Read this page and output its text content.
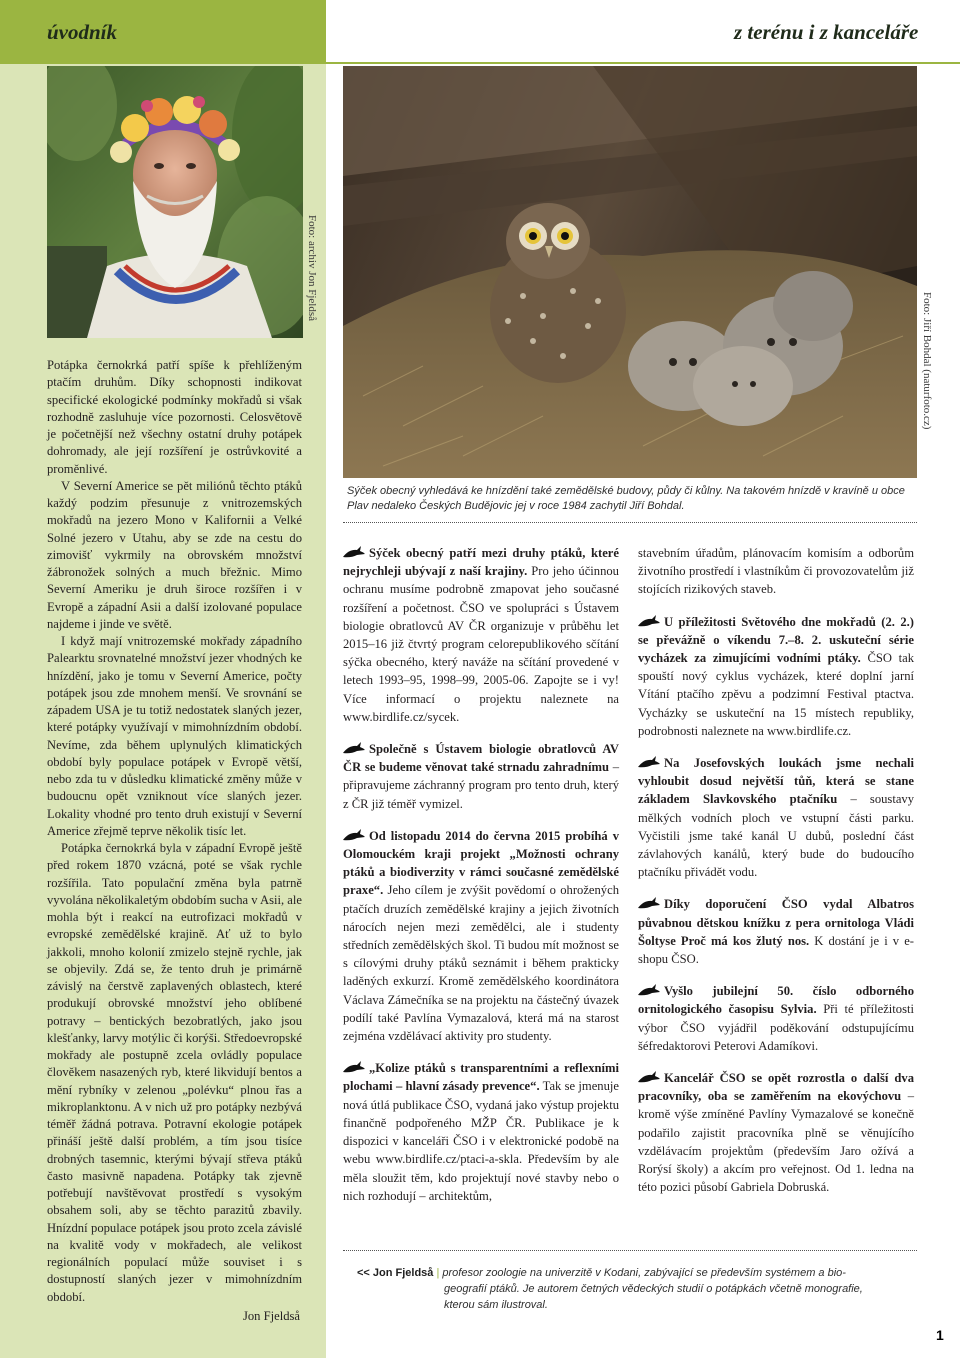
úvodník	z terénu i z kanceláře
Foto: archiv Jon Fjeldså

Potápka černokrká patří spíše k přehlíženým ptačím druhům. Díky schopnosti indikovat specifické ekologické podmínky mokřadů si však rozhodně zasluhuje více pozornosti. Celosvětově je početnější než všechny ostatní druhy potápek dohromady, ale její rozšíření je ostrůvkovité a proměnlivé.

V Severní Americe se pět miliónů těchto ptáků každý podzim přesunuje z vnitrozemských mokřadů na jezero Mono v Kalifornii a Velké Solné jezero v Utahu, aby se zde na cestu do zimovišť vykrmily na obrovském množství žábronožek solných a much břežnic. Mimo Severní Ameriku je druh široce rozšířen i v Evropě a západní Asii a další izolované populace najdeme i jinde ve světě.

I když mají vnitrozemské mokřady západního Palearktu srovnatelné množství jezer vhodných ke hnízdění, jako je tomu v Severní Americe, počty potápek jsou zde mnohem menší. Ve srovnání se západem USA je tu totiž nedostatek slaných jezer, které potápky využívají v mimohnízdním období. Nevíme, zda během uplynulých klimatických období byly populace potápek v Evropě větší, nebo zda tu v důsledku klimatické změny může v budoucnu opět vzniknout více slaných jezer. Lokality vhodné pro tento druh existují v Severní Americe zřejmě teprve několik tisíc let.

Potápka černokrká byla v západní Evropě ještě před rokem 1870 vzácná, poté se však rychle rozšířila. Tato populační změna byla patrně vyvolána několikaletým obdobím sucha v Asii, ale mohla být i reakcí na eutrofizaci mokřadů v evropské zemědělské krajině. Ať už to bylo jakkoli, mnoho kolonií zmizelo stejně rychle, jak se objevily. Zdá se, že tento druh je primárně závislý na čerstvě zaplavených oblastech, které produkují obrovské množství jeho oblíbené potravy – bentických bezobratlých, jako jsou klešťanky, larvy motýlic či korýši. Středoevropské mokřady ale postupně zcela ovládly populace člověkem nasazených ryb, které likvidují bentos a mění rybníky v zelenou „polévku“ plnou řas a mikroplanktonu. A v nich už pro potápky nezbývá téměř žádná potrava. Potravní ekologie potápek přináší ještě další problém, a tím jsou tisíce drobných tasemnic, kterými bývají střeva ptáků často masivně napadena. Potápky tak zjevně potřebují navštěvovat prostředí s vysokým obsahem soli, aby se těchto parazitů zbavily. Hnízdní populace potápek jsou proto zcela závislé na kvalitě vody v mokřadech, ale velikost regionálních populací může souviset i s dostupností slaných jezer v mimohnízdním období.

Jon Fjeldså
Foto: Jiří Bohdal (naturfoto.cz)
Sýček obecný vyhledává ke hnízdění také zemědělské budovy, půdy či kůlny. Na takovém hnízdě v kravíně u obce
Plav nedaleko Českých Budějovic jej v roce 1984 zachytil Jiří Bohdal.

Sýček obecný patří mezi druhy ptáků, které nejrychleji ubývají z naší krajiny. Pro jeho účinnou ochranu musíme podrobně zmapovat jeho současné rozšíření a početnost. ČSO ve spolupráci s Ústavem biologie obratlovců AV ČR organizuje v průběhu let 2015–16 již čtvrtý program celorepublikového sčítání sýčka obecného, který naváže na sčítání provedené v letech 1993–95, 1998–99, 2005-06. Zapojte se i vy! Více informací o projektu naleznete na www.birdlife.cz/sycek.

Společně s Ústavem biologie obratlovců AV ČR se budeme věnovat také strnadu zahradnímu – připravujeme záchranný program pro tento druh, který z ČR již téměř vymizel.

Od listopadu 2014 do června 2015 probíhá v Olomouckém kraji projekt „Možnosti ochrany ptáků a biodiverzity v rámci současné zemědělské praxe“. Jeho cílem je zvýšit povědomí o ohrožených ptačích druzích zemědělské krajiny a jejich životních nárocích nejen mezi zemědělci, ale i studenty středních zemědělských škol. Ti budou mít možnost se s cílovými druhy ptáků seznámit i během prakticky laděných exkurzí. Kromě zemědělského koordinátora Václava Zámečníka se na projektu na částečný úvazek podílí také Pavlína Vymazalová, která má na starost zejména vzdělávací aktivity pro studenty.

„Kolize ptáků s transparentními a reflexními plochami – hlavní zásady prevence“. Tak se jmenuje nová útlá publikace ČSO, vydaná jako výstup projektu finančně podpořeného MŽP ČR. Publikace je k dispozici v kanceláři ČSO i v elektronické podobě na webu www.birdlife.cz/ptaci-a-skla. Především by ale měla sloužit těm, kdo projektují nové stavby nebo o nich rozhodují – architektům,

stavebním úřadům, plánovacím komisím a odborům životního prostředí i vlastníkům či provozovatelům již stojících rizikových staveb.

U příležitosti Světového dne mokřadů (2. 2.) se převážně o víkendu 7.–8. 2. uskuteční série vycházek za zimujícími vodními ptáky. ČSO tak spouští nový cyklus vycházek, které doplní jarní Vítání ptačího zpěvu a podzimní Festival ptactva. Vycházky se uskuteční na 15 místech republiky, podrobnosti naleznete na www.birdlife.cz.

Na Josefovských loukách jsme nechali vyhloubit dosud největší tůň, která se stane základem Slavkovského ptačníku – soustavy mělkých vodních ploch ve vstupní části parku. Vyčistili jsme také kanál U dubů, poslední část závlahových kanálů, který bude do budoucího ptačníku přivádět vodu.

Díky doporučení ČSO vydal Albatros půvabnou dětskou knížku z pera ornitologa Vládi Šoltyse Proč má kos žlutý nos. K dostání je i v e-shopu ČSO.

Vyšlo jubilejní 50. číslo odborného ornitologického časopisu Sylvia. Při té příležitosti výbor ČSO vyjádřil poděkování odstupujícímu šéfredaktorovi Peterovi Adamíkovi.

Kancelář ČSO se opět rozrostla o další dva pracovníky, oba se zaměřením na ekovýchovu – kromě výše zmíněné Pavlíny Vymazalové se konečně podařilo zajistit pracovníka plně se věnujícího vzdělávacím projektům (především Jaro ožívá a Rorýsí školy) a akcím pro veřejnost. Od 1. ledna na této pozici působí Gabriela Dobruská.

<< Jon Fjeldså | profesor zoologie na univerzitě v Kodani, zabývající se především systémem a bio-
geografií ptáků. Je autorem četných vědeckých studií o potápkách včetně monografie,
kterou sám ilustroval.
1
